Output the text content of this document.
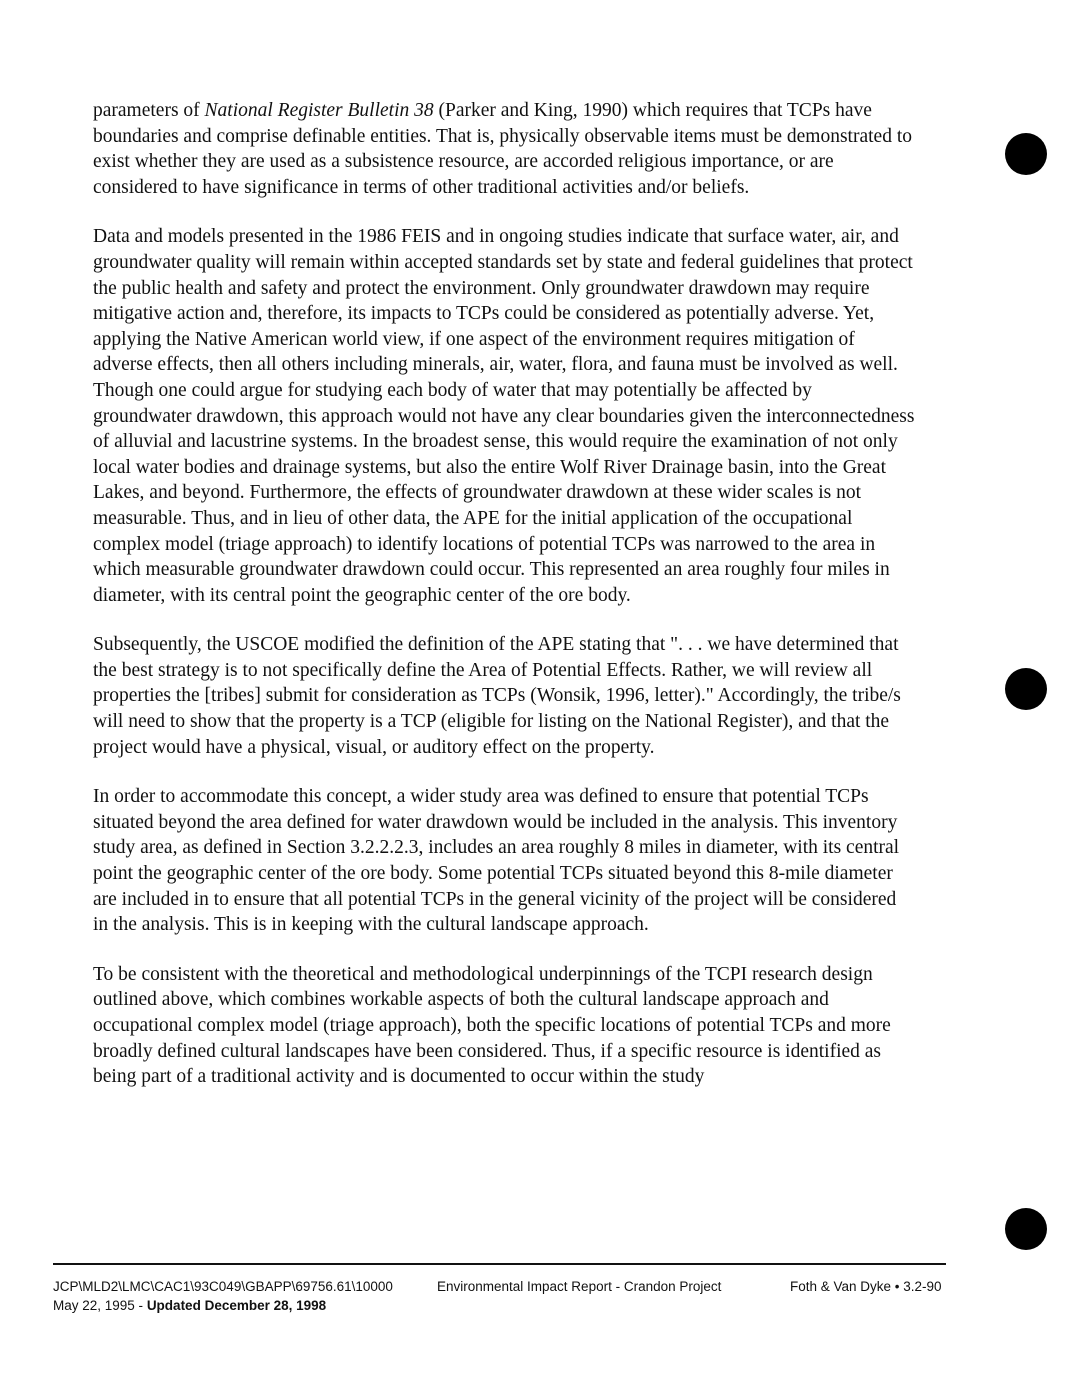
parameters of National Register Bulletin 38 (Parker and King, 1990) which requires that TCPs have boundaries and comprise definable entities. That is, physically observable items must be demonstrated to exist whether they are used as a subsistence resource, are accorded religious importance, or are considered to have significance in terms of other traditional activities and/or beliefs.

Data and models presented in the 1986 FEIS and in ongoing studies indicate that surface water, air, and groundwater quality will remain within accepted standards set by state and federal guidelines that protect the public health and safety and protect the environment. Only groundwater drawdown may require mitigative action and, therefore, its impacts to TCPs could be considered as potentially adverse. Yet, applying the Native American world view, if one aspect of the environment requires mitigation of adverse effects, then all others including minerals, air, water, flora, and fauna must be involved as well. Though one could argue for studying each body of water that may potentially be affected by groundwater drawdown, this approach would not have any clear boundaries given the interconnectedness of alluvial and lacustrine systems. In the broadest sense, this would require the examination of not only local water bodies and drainage systems, but also the entire Wolf River Drainage basin, into the Great Lakes, and beyond. Furthermore, the effects of groundwater drawdown at these wider scales is not measurable. Thus, and in lieu of other data, the APE for the initial application of the occupational complex model (triage approach) to identify locations of potential TCPs was narrowed to the area in which measurable groundwater drawdown could occur. This represented an area roughly four miles in diameter, with its central point the geographic center of the ore body.

Subsequently, the USCOE modified the definition of the APE stating that ". . . we have determined that the best strategy is to not specifically define the Area of Potential Effects. Rather, we will review all properties the [tribes] submit for consideration as TCPs (Wonsik, 1996, letter)." Accordingly, the tribe/s will need to show that the property is a TCP (eligible for listing on the National Register), and that the project would have a physical, visual, or auditory effect on the property.

In order to accommodate this concept, a wider study area was defined to ensure that potential TCPs situated beyond the area defined for water drawdown would be included in the analysis. This inventory study area, as defined in Section 3.2.2.2.3, includes an area roughly 8 miles in diameter, with its central point the geographic center of the ore body. Some potential TCPs situated beyond this 8-mile diameter are included in to ensure that all potential TCPs in the general vicinity of the project will be considered in the analysis. This is in keeping with the cultural landscape approach.

To be consistent with the theoretical and methodological underpinnings of the TCPI research design outlined above, which combines workable aspects of both the cultural landscape approach and occupational complex model (triage approach), both the specific locations of potential TCPs and more broadly defined cultural landscapes have been considered. Thus, if a specific resource is identified as being part of a traditional activity and is documented to occur within the study

JCP\MLD2\LMC\CAC1\93C049\GBAPP\69756.61\10000
May 22, 1995 - Updated December 28, 1998
Environmental Impact Report - Crandon Project	Foth & Van Dyke • 3.2-90
